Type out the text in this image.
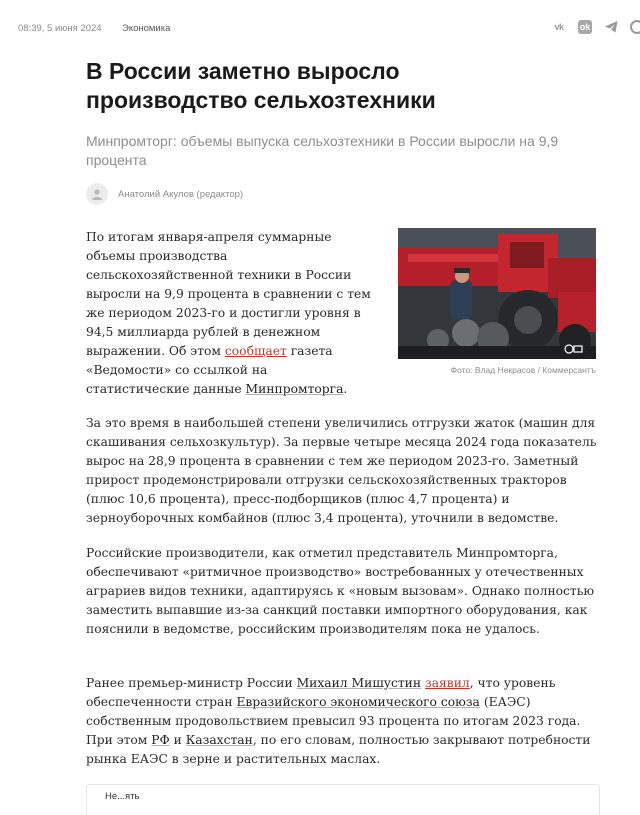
08:39, 5 июня 2024 Экономика	vk ok
В России заметно выросло производство сельхозтехники

Минпромторг: объемы выпуска сельхозтехники в России выросли на 9,9 процента

Анатолий Акулов (редактор)
Фото: Влад Некрасов / Коммерсантъ

По итогам января-апреля суммарные объемы производства сельскохозяйственной техники в России выросли на 9,9 процента в сравнении с тем же периодом 2023-го и достигли уровня в 94,5 миллиарда рублей в денежном выражении. Об этом сообщает газета «Ведомости» со ссылкой на статистические данные Минпромторга.

За это время в наибольшей степени увеличились отгрузки жаток (машин для скашивания сельхозкультур). За первые четыре месяца 2024 года показатель вырос на 28,9 процента в сравнении с тем же периодом 2023-го. Заметный прирост продемонстрировали отгрузки сельскохозяйственных тракторов (плюс 10,6 процента), пресс-подборщиков (плюс 4,7 процента) и зерноуборочных комбайнов (плюс 3,4 процента), уточнили в ведомстве.

Российские производители, как отметил представитель Минпромторга, обеспечивают «ритмичное производство» востребованных у отечественных аграриев видов техники, адаптируясь к «новым вызовам». Однако полностью заместить выпавшие из-за санкций поставки импортного оборудования, как пояснили в ведомстве, российским производителям пока не удалось.

Ранее премьер-министр России Михаил Мишустин заявил, что уровень обеспеченности стран Евразийского экономического союза (ЕАЭС) собственным продовольствием превысил 93 процента по итогам 2023 года. При этом РФ и Казахстан, по его словам, полностью закрывают потребности рынка ЕАЭС в зерне и растительных маслах.

Не...ять
